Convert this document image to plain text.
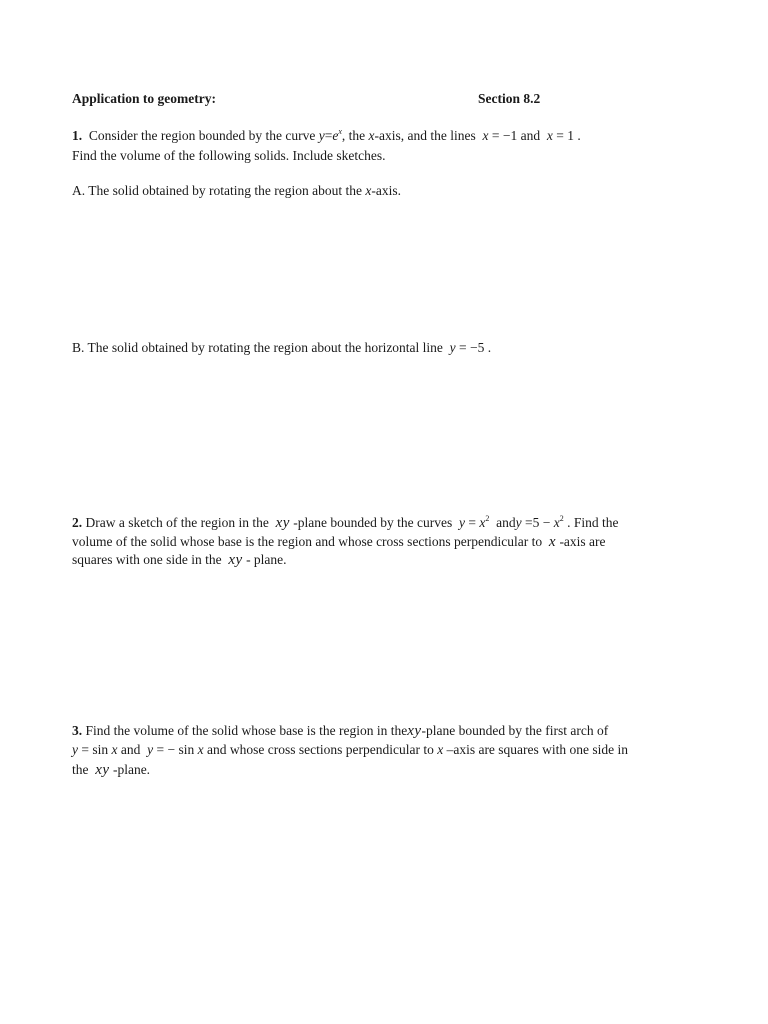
Application to geometry:	Section 8.2
1. Consider the region bounded by the curve $y=e^x$, the x-axis, and the lines x = −1 and x = 1 .
Find the volume of the following solids. Include sketches.
A. The solid obtained by rotating the region about the x-axis.
B. The solid obtained by rotating the region about the horizontal line y = −5 .
2. Draw a sketch of the region in the xy -plane bounded by the curves $y = x^2$ andy $=5 - x^2$ . Find the
volume of the solid whose base is the region and whose cross sections perpendicular to x -axis are
squares with one side in the xy - plane.
3. Find the volume of the solid whose base is the region in thexy-plane bounded by the first arch of
y = sin x and y = − sin x and whose cross sections perpendicular to x –axis are squares with one side in
the xy -plane.
